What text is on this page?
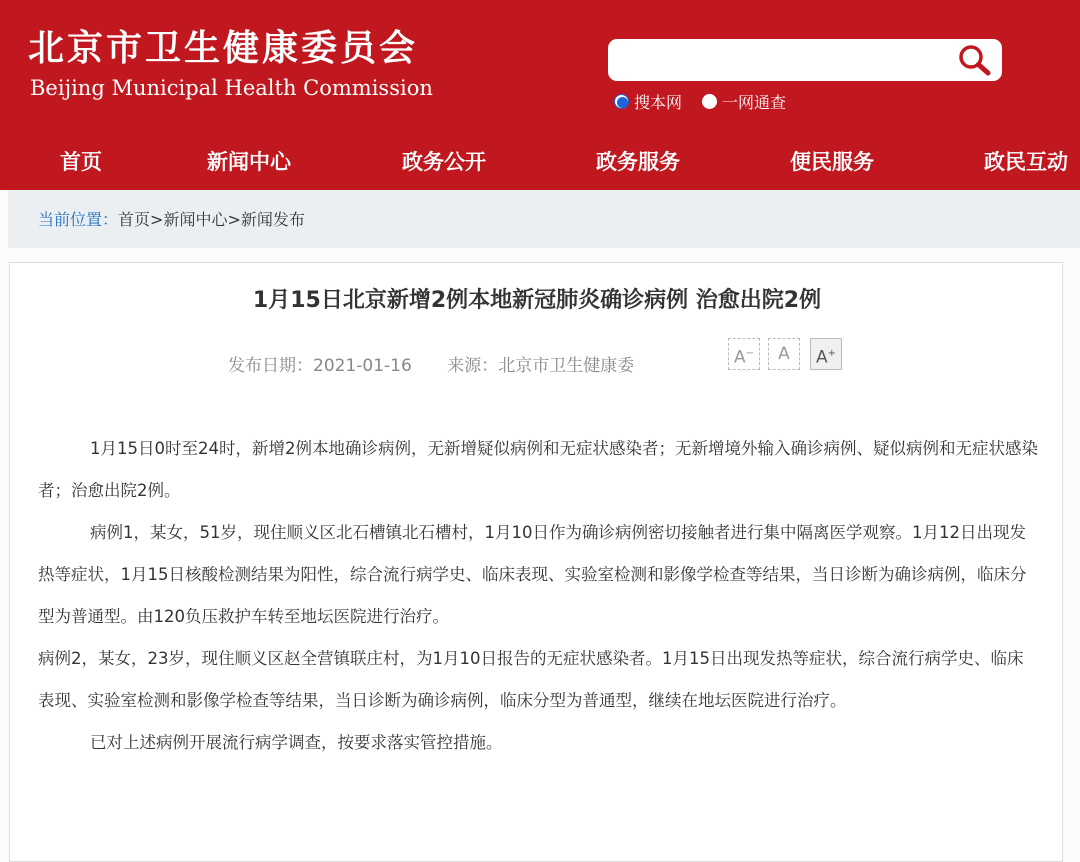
北京市卫生健康委员会
Beijing Municipal Health Commission
搜本网 一网通查
首页	新闻中心	政务公开	政务服务	便民服务	政民互动
当前位置：首页>新闻中心>新闻发布
1月15日北京新增2例本地新冠肺炎确诊病例 治愈出院2例
发布日期：2021-01-16 来源：北京市卫生健康委	A−	A	A+

1月15日0时至24时，新增2例本地确诊病例，无新增疑似病例和无症状感染者；无新增境外输入确诊病例、疑似病例和无症状感染者；治愈出院2例。

病例1，某女，51岁，现住顺义区北石槽镇北石槽村，1月10日作为确诊病例密切接触者进行集中隔离医学观察。1月12日出现发热等症状，1月15日核酸检测结果为阳性，综合流行病学史、临床表现、实验室检测和影像学检查等结果，当日诊断为确诊病例，临床分型为普通型。由120负压救护车转至地坛医院进行治疗。

病例2，某女，23岁，现住顺义区赵全营镇联庄村，为1月10日报告的无症状感染者。1月15日出现发热等症状，综合流行病学史、临床表现、实验室检测和影像学检查等结果，当日诊断为确诊病例，临床分型为普通型，继续在地坛医院进行治疗。

已对上述病例开展流行病学调查，按要求落实管控措施。
